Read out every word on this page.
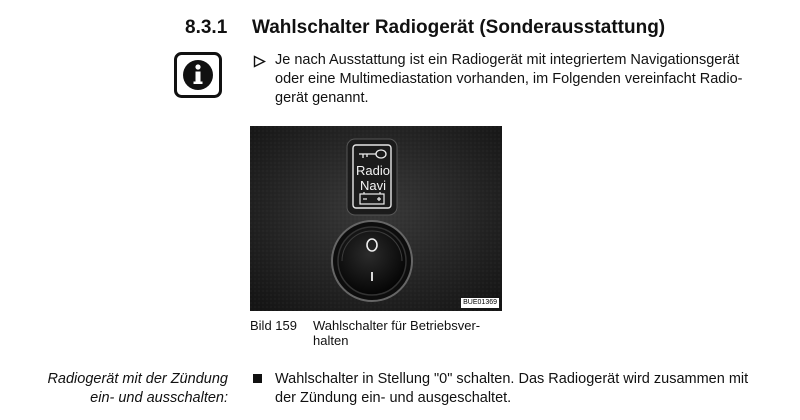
8.3.1 Wahlschalter Radiogerät (Sonderausstattung)
Je nach Ausstattung ist ein Radiogerät mit integriertem Navigationsgerät
oder eine Multimediastation vorhanden, im Folgenden vereinfacht Radio-
gerät genannt.
Radio
Navi
BUE01369
Bild 159 Wahlschalter für Betriebsver-
halten
Radiogerät mit der Zündung
ein- und ausschalten:
Wahlschalter in Stellung "0" schalten. Das Radiogerät wird zusammen mit
der Zündung ein- und ausgeschaltet.
